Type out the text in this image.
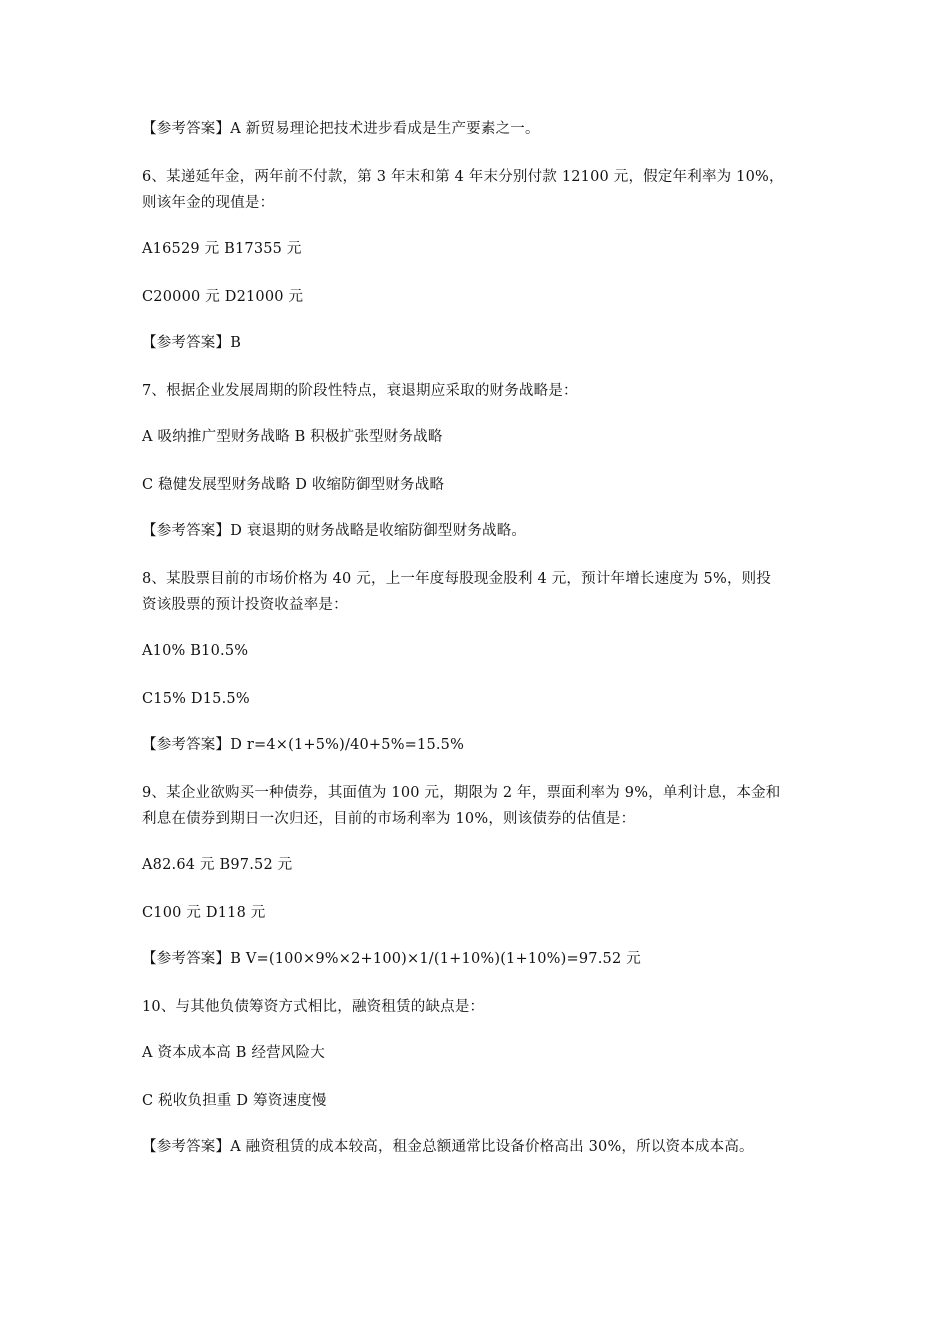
【参考答案】A 新贸易理论把技术进步看成是生产要素之一。
6、某递延年金，两年前不付款，第 3 年末和第 4 年末分别付款 12100 元，假定年利率为 10%，
则该年金的现值是：
A16529 元 B17355 元
C20000 元 D21000 元
【参考答案】B
7、根据企业发展周期的阶段性特点，衰退期应采取的财务战略是：
A 吸纳推广型财务战略 B 积极扩张型财务战略
C 稳健发展型财务战略 D 收缩防御型财务战略
【参考答案】D 衰退期的财务战略是收缩防御型财务战略。
8、某股票目前的市场价格为 40 元，上一年度每股现金股利 4 元，预计年增长速度为 5%，则投
资该股票的预计投资收益率是：
A10% B10.5%
C15% D15.5%
【参考答案】D r=4×(1+5%)/40+5%=15.5%
9、某企业欲购买一种债券，其面值为 100 元，期限为 2 年，票面利率为 9%，单利计息，本金和
利息在债券到期日一次归还，目前的市场利率为 10%，则该债券的估值是：
A82.64 元 B97.52 元
C100 元 D118 元
【参考答案】B V=(100×9%×2+100)×1/(1+10%)(1+10%)=97.52 元
10、与其他负债筹资方式相比，融资租赁的缺点是：
A 资本成本高 B 经营风险大
C 税收负担重 D 筹资速度慢
【参考答案】A 融资租赁的成本较高，租金总额通常比设备价格高出 30%，所以资本成本高。
